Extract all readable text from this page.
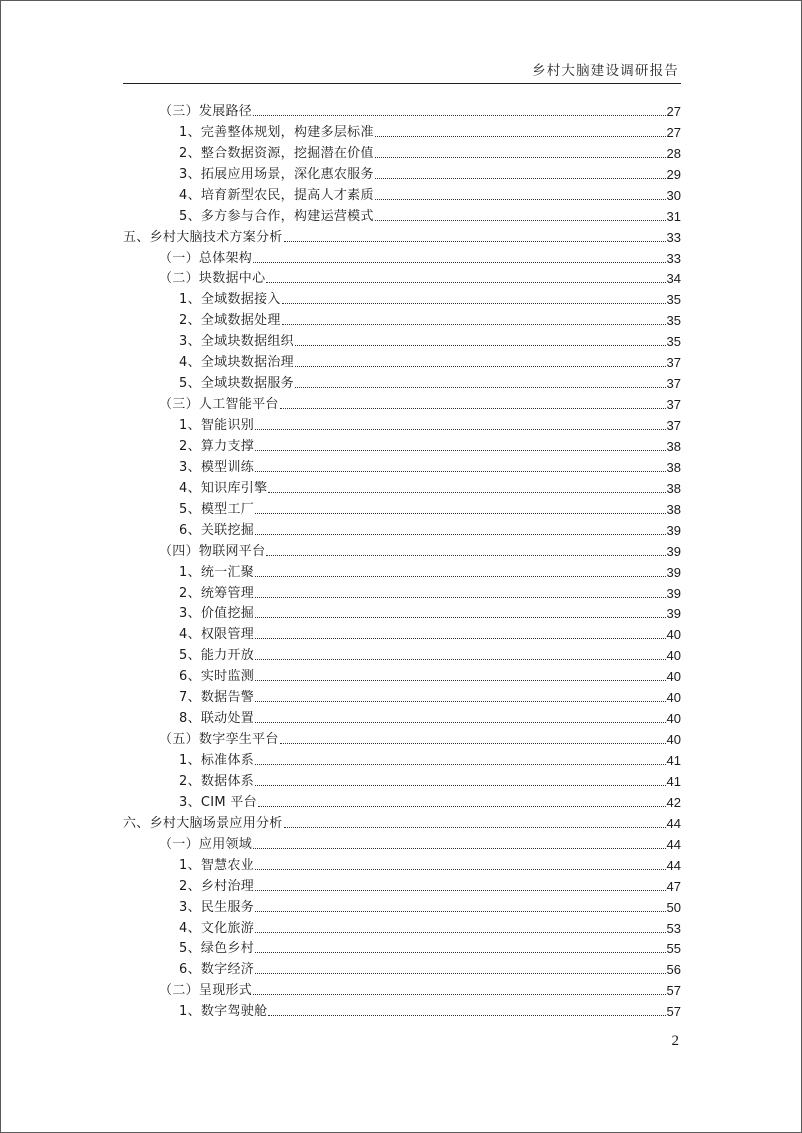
乡村大脑建设调研报告
（三）发展路径	27
1、完善整体规划，构建多层标准	27
2、整合数据资源，挖掘潜在价值	28
3、拓展应用场景，深化惠农服务	29
4、培育新型农民，提高人才素质	30
5、多方参与合作，构建运营模式	31
五、乡村大脑技术方案分析	33
（一）总体架构	33
（二）块数据中心	34
1、全域数据接入	35
2、全域数据处理	35
3、全域块数据组织	35
4、全域块数据治理	37
5、全域块数据服务	37
（三）人工智能平台	37
1、智能识别	37
2、算力支撑	38
3、模型训练	38
4、知识库引擎	38
5、模型工厂	38
6、关联挖掘	39
（四）物联网平台	39
1、统一汇聚	39
2、统筹管理	39
3、价值挖掘	39
4、权限管理	40
5、能力开放	40
6、实时监测	40
7、数据告警	40
8、联动处置	40
（五）数字孪生平台	40
1、标准体系	41
2、数据体系	41
3、CIM 平台	42
六、乡村大脑场景应用分析	44
（一）应用领域	44
1、智慧农业	44
2、乡村治理	47
3、民生服务	50
4、文化旅游	53
5、绿色乡村	55
6、数字经济	56
（二）呈现形式	57
1、数字驾驶舱	57
2
